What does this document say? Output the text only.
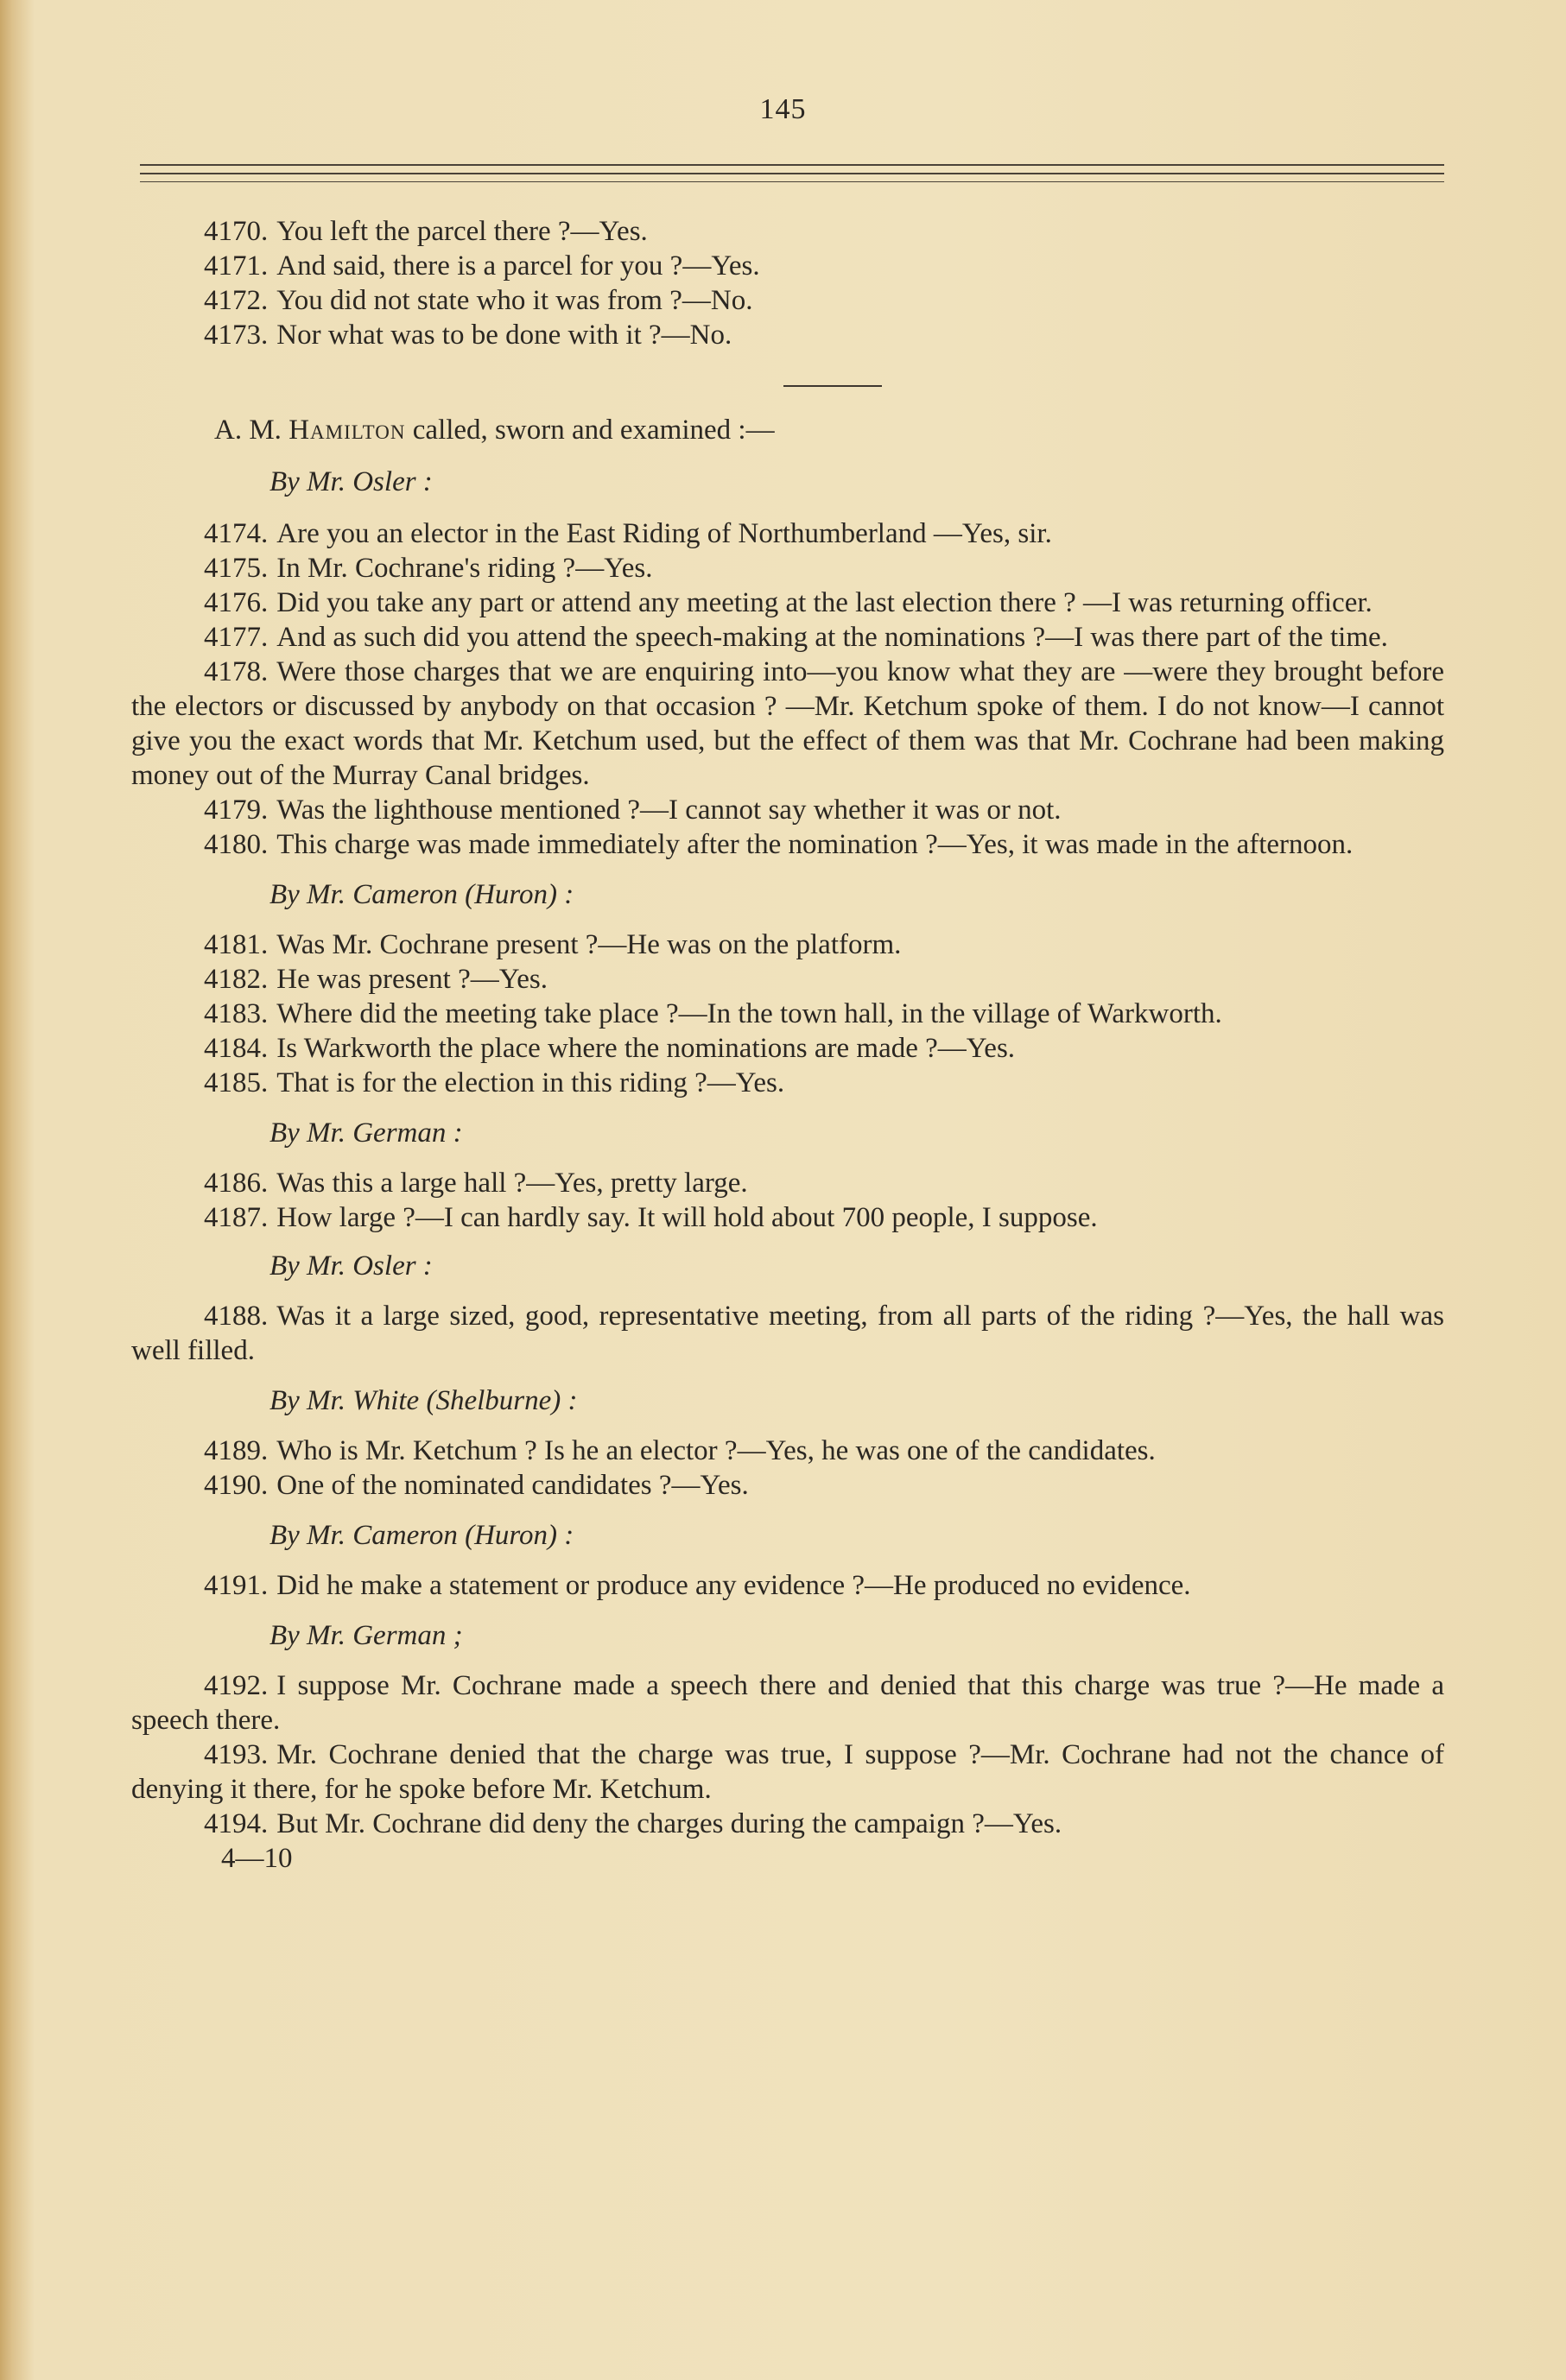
145

4170. You left the parcel there ?—Yes.

4171. And said, there is a parcel for you ?—Yes.

4172. You did not state who it was from ?—No.

4173. Nor what was to be done with it ?—No.

A. M. Hamilton called, sworn and examined :—

By Mr. Osler :

4174. Are you an elector in the East Riding of Northumberland —Yes, sir.

4175. In Mr. Cochrane's riding ?—Yes.

4176. Did you take any part or attend any meeting at the last election there ? —I was returning officer.

4177. And as such did you attend the speech-making at the nominations ?—I was there part of the time.

4178. Were those charges that we are enquiring into—you know what they are —were they brought before the electors or discussed by anybody on that occasion ? —Mr. Ketchum spoke of them. I do not know—I cannot give you the exact words that Mr. Ketchum used, but the effect of them was that Mr. Cochrane had been making money out of the Murray Canal bridges.

4179. Was the lighthouse mentioned ?—I cannot say whether it was or not.

4180. This charge was made immediately after the nomination ?—Yes, it was made in the afternoon.

By Mr. Cameron (Huron) :

4181. Was Mr. Cochrane present ?—He was on the platform.

4182. He was present ?—Yes.

4183. Where did the meeting take place ?—In the town hall, in the village of Warkworth.

4184. Is Warkworth the place where the nominations are made ?—Yes.

4185. That is for the election in this riding ?—Yes.

By Mr. German :

4186. Was this a large hall ?—Yes, pretty large.

4187. How large ?—I can hardly say. It will hold about 700 people, I suppose.

By Mr. Osler :

4188. Was it a large sized, good, representative meeting, from all parts of the riding ?—Yes, the hall was well filled.

By Mr. White (Shelburne) :

4189. Who is Mr. Ketchum ? Is he an elector ?—Yes, he was one of the candidates.

4190. One of the nominated candidates ?—Yes.

By Mr. Cameron (Huron) :

4191. Did he make a statement or produce any evidence ?—He produced no evidence.

By Mr. German ;

4192. I suppose Mr. Cochrane made a speech there and denied that this charge was true ?—He made a speech there.

4193. Mr. Cochrane denied that the charge was true, I suppose ?—Mr. Cochrane had not the chance of denying it there, for he spoke before Mr. Ketchum.

4194. But Mr. Cochrane did deny the charges during the campaign ?—Yes.

4—10
